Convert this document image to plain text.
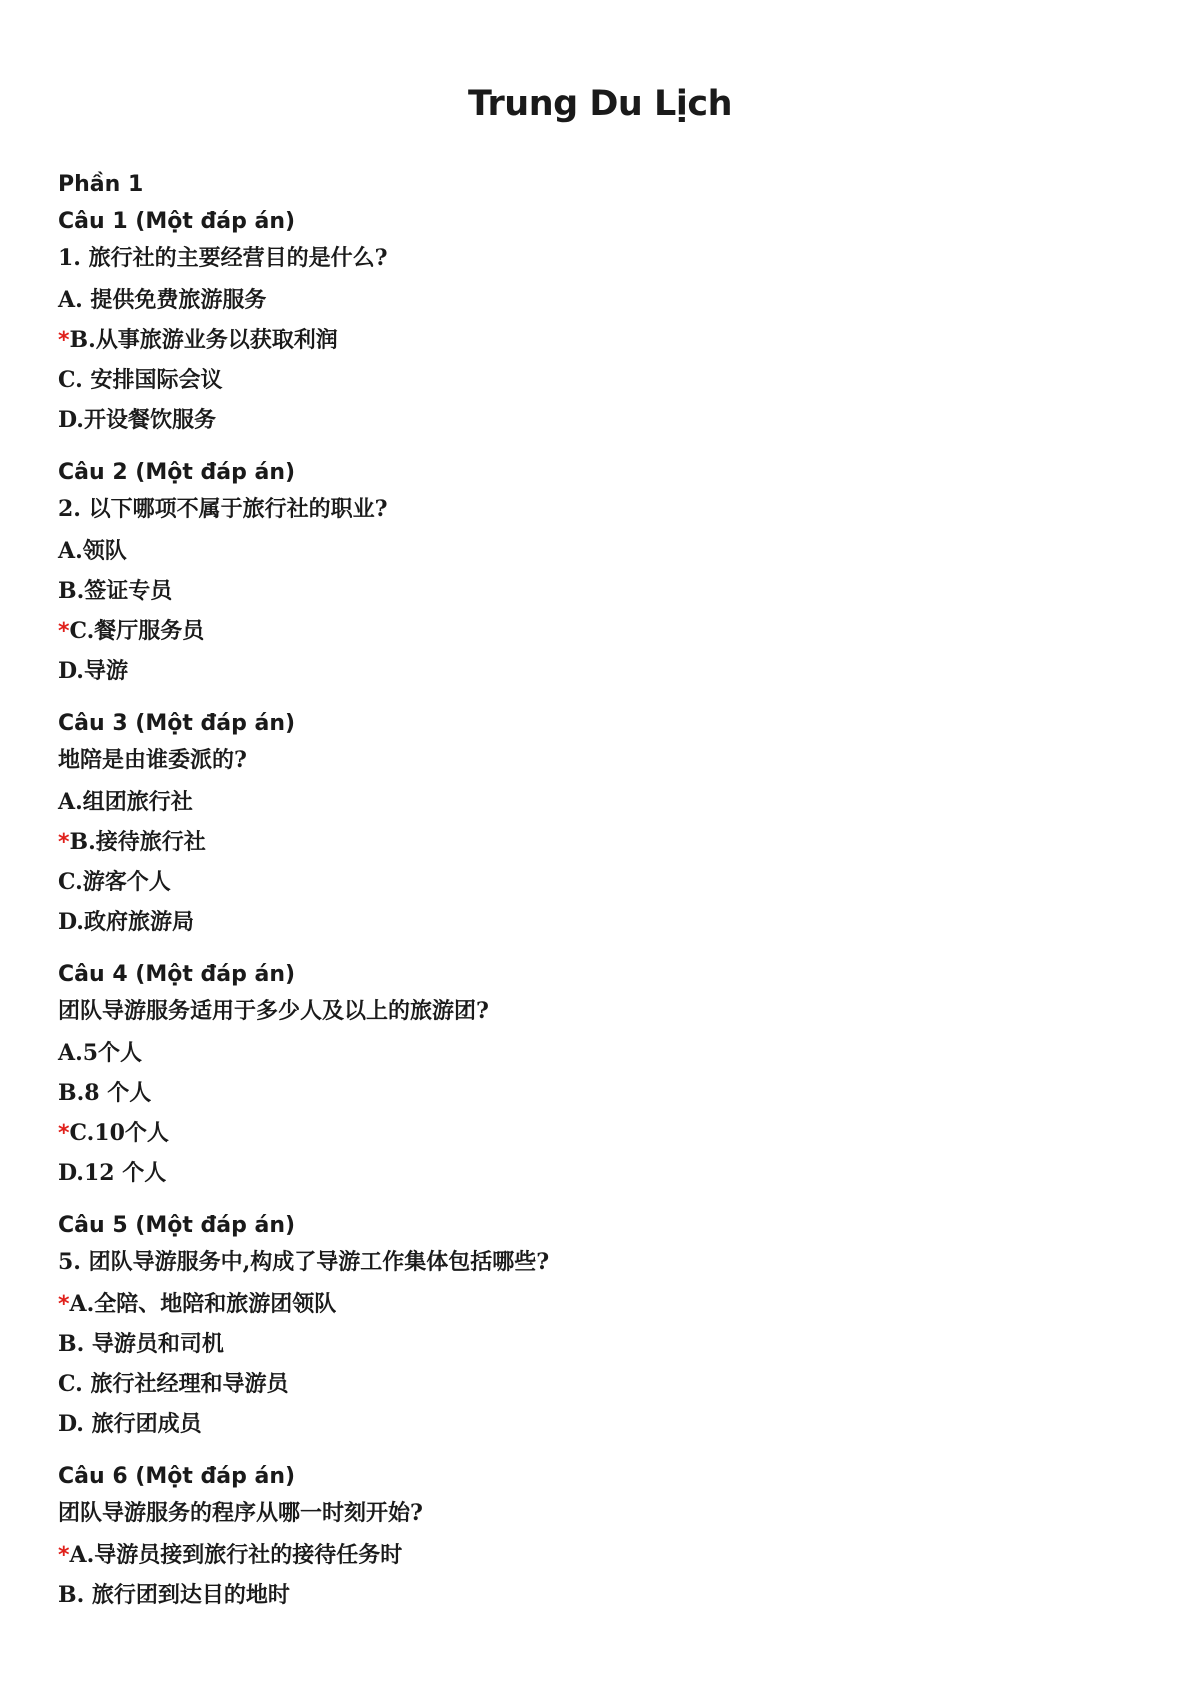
Trung Du Lịch
Phần 1
Câu 1 (Một đáp án)
1. 旅行社的主要经营目的是什么?
A. 提供免费旅游服务
*B.从事旅游业务以获取利润
C. 安排国际会议
D.开设餐饮服务
Câu 2 (Một đáp án)
2. 以下哪项不属于旅行社的职业?
A.领队
B.签证专员
*C.餐厅服务员
D.导游
Câu 3 (Một đáp án)
地陪是由谁委派的?
A.组团旅行社
*B.接待旅行社
C.游客个人
D.政府旅游局
Câu 4 (Một đáp án)
团队导游服务适用于多少人及以上的旅游团?
A.5个人
B.8 个人
*C.10个人
D.12 个人
Câu 5 (Một đáp án)
5. 团队导游服务中,构成了导游工作集体包括哪些?
*A.全陪、地陪和旅游团领队
B. 导游员和司机
C. 旅行社经理和导游员
D. 旅行团成员
Câu 6 (Một đáp án)
团队导游服务的程序从哪一时刻开始?
*A.导游员接到旅行社的接待任务时
B. 旅行团到达目的地时
